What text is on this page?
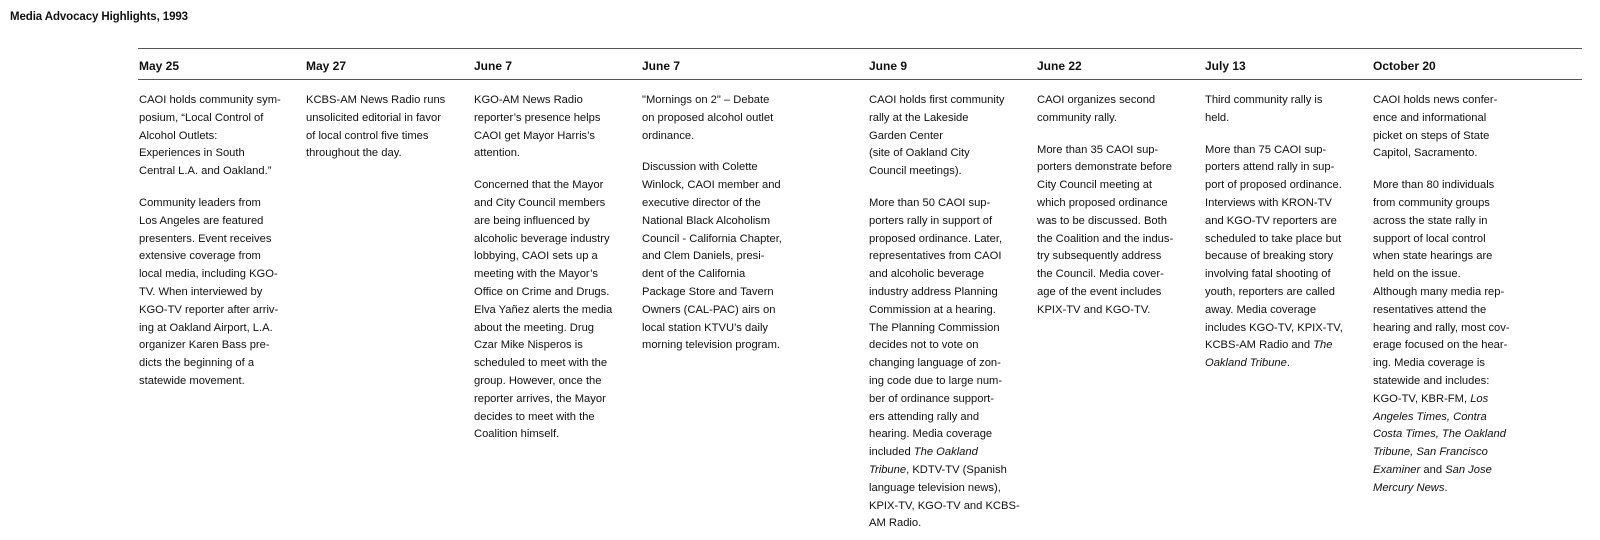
Media Advocacy Highlights, 1993
May 25
CAOI holds community sym-
posium, “Local Control of
Alcohol Outlets:
Experiences in South
Central L.A. and Oakland.”
Community leaders from
Los Angeles are featured
presenters. Event receives
extensive coverage from
local media, including KGO-
TV. When interviewed by
KGO-TV reporter after arriv-
ing at Oakland Airport, L.A.
organizer Karen Bass pre-
dicts the beginning of a
statewide movement.
May 27
KCBS-AM News Radio runs
unsolicited editorial in favor
of local control five times
throughout the day.
June 7
KGO-AM News Radio
reporter’s presence helps
CAOI get Mayor Harris’s
attention.
Concerned that the Mayor
and City Council members
are being influenced by
alcoholic beverage industry
lobbying, CAOI sets up a
meeting with the Mayor’s
Office on Crime and Drugs.
Elva Yañez alerts the media
about the meeting. Drug
Czar Mike Nisperos is
scheduled to meet with the
group. However, once the
reporter arrives, the Mayor
decides to meet with the
Coalition himself.
June 7
"Mornings on 2" – Debate
on proposed alcohol outlet
ordinance.
Discussion with Colette
Winlock, CAOI member and
executive director of the
National Black Alcoholism
Council - California Chapter,
and Clem Daniels, presi-
dent of the California
Package Store and Tavern
Owners (CAL-PAC) airs on
local station KTVU’s daily
morning television program.
June 9
CAOI holds first community
rally at the Lakeside
Garden Center
(site of Oakland City
Council meetings).
More than 50 CAOI sup-
porters rally in support of
proposed ordinance. Later,
representatives from CAOI
and alcoholic beverage
industry address Planning
Commission at a hearing.
The Planning Commission
decides not to vote on
changing language of zon-
ing code due to large num-
ber of ordinance support-
ers attending rally and
hearing. Media coverage
included The Oakland
Tribune, KDTV-TV (Spanish
language television news),
KPIX-TV, KGO-TV and KCBS-
AM Radio.
June 22
CAOI organizes second
community rally.
More than 35 CAOI sup-
porters demonstrate before
City Council meeting at
which proposed ordinance
was to be discussed. Both
the Coalition and the indus-
try subsequently address
the Council. Media cover-
age of the event includes
KPIX-TV and KGO-TV.
July 13
Third community rally is
held.
More than 75 CAOI sup-
porters attend rally in sup-
port of proposed ordinance.
Interviews with KRON-TV
and KGO-TV reporters are
scheduled to take place but
because of breaking story
involving fatal shooting of
youth, reporters are called
away. Media coverage
includes KGO-TV, KPIX-TV,
KCBS-AM Radio and The
Oakland Tribune.
October 20
CAOI holds news confer-
ence and informational
picket on steps of State
Capitol, Sacramento.
More than 80 individuals
from community groups
across the state rally in
support of local control
when state hearings are
held on the issue.
Although many media rep-
resentatives attend the
hearing and rally, most cov-
erage focused on the hear-
ing. Media coverage is
statewide and includes:
KGO-TV, KBR-FM, Los
Angeles Times, Contra
Costa Times, The Oakland
Tribune, San Francisco
Examiner and San Jose
Mercury News.
